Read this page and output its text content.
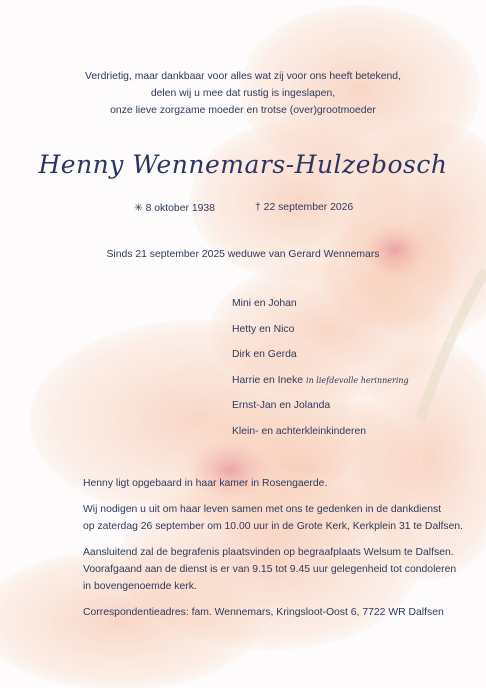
Verdrietig, maar dankbaar voor alles wat zij voor ons heeft betekend,
delen wij u mee dat rustig is ingeslapen,
onze lieve zorgzame moeder en trotse (over)grootmoeder
Henny Wennemars-Hulzebosch
✳ 8 oktober 1938	† 22 september 2026
Sinds 21 september 2025 weduwe van Gerard Wennemars
Mini en Johan
Hetty en Nico
Dirk en Gerda
Harrie en Ineke in liefdevolle herinnering
Ernst-Jan en Jolanda
Klein- en achterkleinkinderen
Henny ligt opgebaard in haar kamer in Rosengaerde.
Wij nodigen u uit om haar leven samen met ons te gedenken in de dankdienst
op zaterdag 26 september om 10.00 uur in de Grote Kerk, Kerkplein 31 te Dalfsen.
Aansluitend zal de begrafenis plaatsvinden op begraafplaats Welsum te Dalfsen.
Voorafgaand aan de dienst is er van 9.15 tot 9.45 uur gelegenheid tot condoleren
in bovengenoemde kerk.
Correspondentieadres: fam. Wennemars, Kringsloot-Oost 6, 7722 WR Dalfsen
